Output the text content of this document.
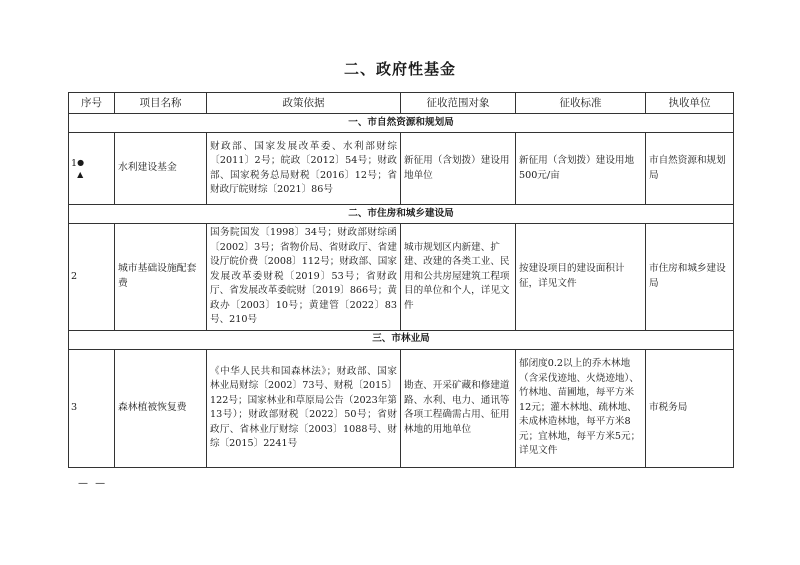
二、政府性基金
序号	项目名称	政策依据	征收范围对象	征收标准	执收单位
一、市自然资源和规划局					
1●
▲	水利建设基金	财政部、国家发展改革委、水利部财综〔2011〕2号；皖政〔2012〕54号；财政部、国家税务总局财税〔2016〕12号；省财政厅皖财综〔2021〕86号	新征用（含划拨）建设用地单位	新征用（含划拨）建设用地500元/亩	市自然资源和规划局
二、市住房和城乡建设局					
2	城市基础设施配套费	国务院国发〔1998〕34号；财政部财综函〔2002〕3号；省物价局、省财政厅、省建设厅皖价费〔2008〕112号；财政部、国家发展改革委财税〔2019〕53号；省财政厅、省发展改革委皖财〔2019〕866号；黄政办〔2003〕10号；黄建管〔2022〕83号、210号	城市规划区内新建、扩建、改建的各类工业、民用和公共房屋建筑工程项目的单位和个人，详见文件	按建设项目的建设面积计征，详见文件	市住房和城乡建设局
三、市林业局					
3	森林植被恢复费	《中华人民共和国森林法》；财政部、国家林业局财综〔2002〕73号、财税〔2015〕122号；国家林业和草原局公告（2023年第13号）；财政部财税〔2022〕50号；省财政厅、省林业厅财综〔2003〕1088号、财综〔2015〕2241号	勘查、开采矿藏和修建道路、水利、电力、通讯等各项工程确需占用、征用林地的用地单位	郁闭度0.2以上的乔木林地（含采伐迹地、火烧迹地）、竹林地、苗圃地，每平方米12元；灌木林地、疏林地、未成林造林地，每平方米8元；宜林地，每平方米5元；详见文件	市税务局
— —
